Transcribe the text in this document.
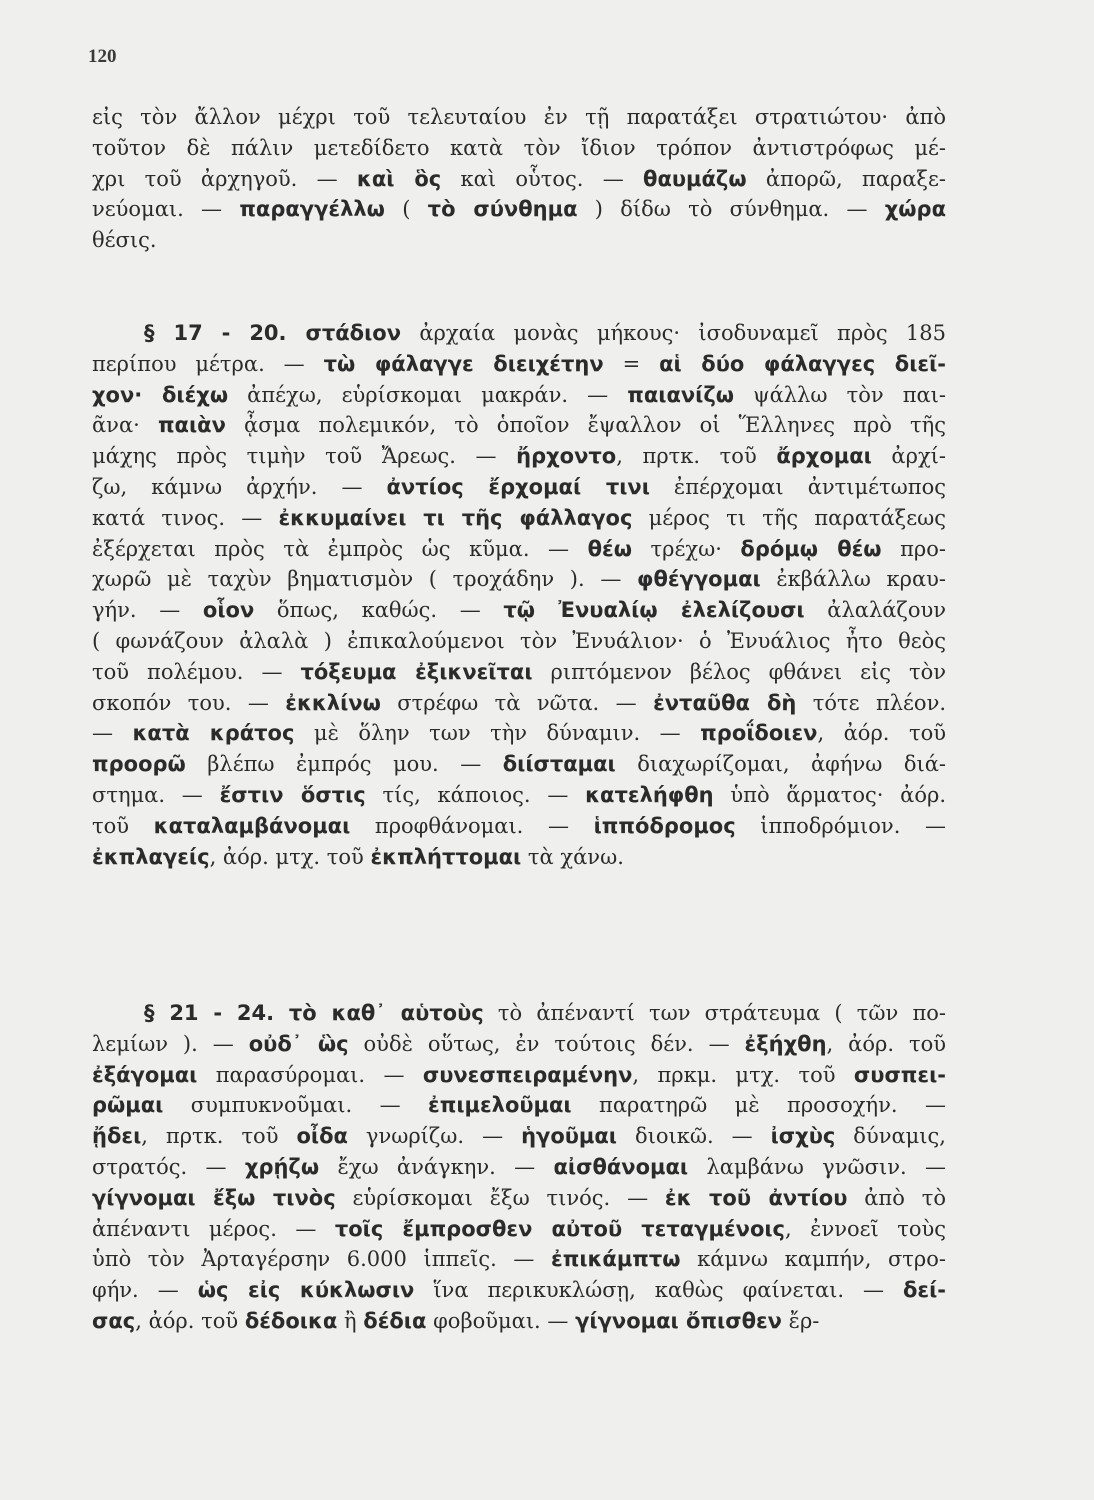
120
εἰς τὸν ἄλλον μέχρι τοῦ τελευταίου ἐν τῇ παρατάξει στρατιώτου· ἀπὸ
τοῦτον δὲ πάλιν μετεδίδετο κατὰ τὸν ἴδιον τρόπον ἀντιστρόφως μέ-
χρι τοῦ ἀρχηγοῦ. — καὶ ὃς καὶ οὗτος. — θαυμάζω ἀπορῶ, παραξε-
νεύομαι. — παραγγέλλω ( τὸ σύνθημα ) δίδω τὸ σύνθημα. — χώρα
θέσις.
§ 17 - 20. στάδιον ἀρχαία μονὰς μήκους· ἰσοδυναμεῖ πρὸς 185
περίπου μέτρα. — τὼ φάλαγγε διειχέτην = αἱ δύο φάλαγγες διεῖ-
χον· διέχω ἀπέχω, εὑρίσκομαι μακράν. — παιανίζω ψάλλω τὸν παι-
ᾶνα· παιὰν ᾆσμα πολεμικόν, τὸ ὁποῖον ἔψαλλον οἱ Ἕλληνες πρὸ τῆς
μάχης πρὸς τιμὴν τοῦ Ἄρεως. — ἤρχοντο, πρτκ. τοῦ ἄρχομαι ἀρχί-
ζω, κάμνω ἀρχήν. — ἀντίος ἔρχομαί τινι ἐπέρχομαι ἀντιμέτωπος
κατά τινος. — ἐκκυμαίνει τι τῆς φάλλαγος μέρος τι τῆς παρατάξεως
ἐξέρχεται πρὸς τὰ ἐμπρὸς ὡς κῦμα. — θέω τρέχω· δρόμῳ θέω προ-
χωρῶ μὲ ταχὺν βηματισμὸν ( τροχάδην ). — φθέγγομαι ἐκβάλλω κραυ-
γήν. — οἷον ὅπως, καθώς. — τῷ Ἐνυαλίῳ ἐλελίζουσι ἀλαλάζουν
( φωνάζουν ἀλαλὰ ) ἐπικαλούμενοι τὸν Ἐνυάλιον· ὁ Ἐνυάλιος ἦτο θεὸς
τοῦ πολέμου. — τόξευμα ἐξικνεῖται ριπτόμενον βέλος φθάνει εἰς τὸν
σκοπόν του. — ἐκκλίνω στρέφω τὰ νῶτα. — ἐνταῦθα δὴ τότε πλέον.
— κατὰ κράτος μὲ ὅλην των τὴν δύναμιν. — προΐδοιεν, ἀόρ. τοῦ
προορῶ βλέπω ἐμπρός μου. — διίσταμαι διαχωρίζομαι, ἀφήνω διά-
στημα. — ἔστιν ὅστις τίς, κάποιος. — κατελήφθη ὑπὸ ἅρματος· ἀόρ.
τοῦ καταλαμβάνομαι προφθάνομαι. — ἱππόδρομος ἱπποδρόμιον. —
ἐκπλαγείς, ἀόρ. μτχ. τοῦ ἐκπλήττομαι τὰ χάνω.
§ 21 - 24. τὸ καθ᾽ αὑτοὺς τὸ ἀπέναντί των στράτευμα ( τῶν πο-
λεμίων ). — οὐδ᾽ ὣς οὐδὲ οὕτως, ἐν τούτοις δέν. — ἐξήχθη, ἀόρ. τοῦ
ἐξάγομαι παρασύρομαι. — συνεσπειραμένην, πρκμ. μτχ. τοῦ συσπει-
ρῶμαι συμπυκνοῦμαι. — ἐπιμελοῦμαι παρατηρῶ μὲ προσοχήν. —
ᾔδει, πρτκ. τοῦ οἶδα γνωρίζω. — ἡγοῦμαι διοικῶ. — ἰσχὺς δύναμις,
στρατός. — χρῄζω ἔχω ἀνάγκην. — αἰσθάνομαι λαμβάνω γνῶσιν. —
γίγνομαι ἔξω τινὸς εὑρίσκομαι ἔξω τινός. — ἐκ τοῦ ἀντίου ἀπὸ τὸ
ἀπέναντι μέρος. — τοῖς ἔμπροσθεν αὐτοῦ τεταγμένοις, ἐννοεῖ τοὺς
ὑπὸ τὸν Ἀρταγέρσην 6.000 ἱππεῖς. — ἐπικάμπτω κάμνω καμπήν, στρο-
φήν. — ὡς εἰς κύκλωσιν ἵνα περικυκλώσῃ, καθὼς φαίνεται. — δεί-
σας, ἀόρ. τοῦ δέδοικα ἢ δέδια φοβοῦμαι. — γίγνομαι ὄπισθεν ἔρ-
